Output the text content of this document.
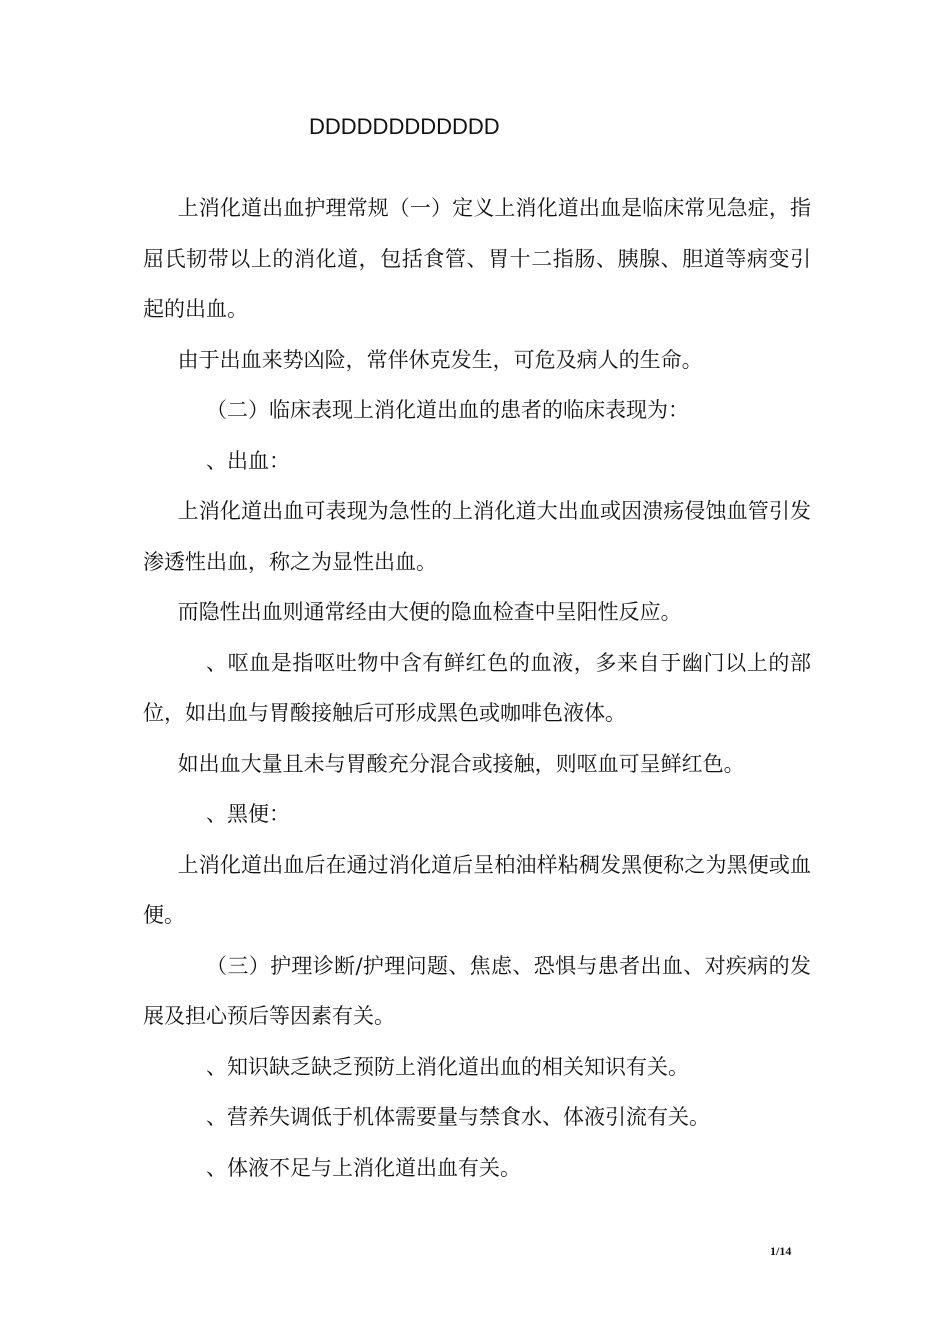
DDDDDDDDDDDD

上消化道出血护理常规（一）定义上消化道出血是临床常见急症，指屈氏韧带以上的消化道，包括食管、胃十二指肠、胰腺、胆道等病变引起的出血。

由于出血来势凶险，常伴休克发生，可危及病人的生命。

（二）临床表现上消化道出血的患者的临床表现为：

、出血：

上消化道出血可表现为急性的上消化道大出血或因溃疡侵蚀血管引发渗透性出血，称之为显性出血。

而隐性出血则通常经由大便的隐血检查中呈阳性反应。

、呕血是指呕吐物中含有鲜红色的血液，多来自于幽门以上的部位，如出血与胃酸接触后可形成黑色或咖啡色液体。

如出血大量且未与胃酸充分混合或接触，则呕血可呈鲜红色。

、黑便：

上消化道出血后在通过消化道后呈柏油样粘稠发黑便称之为黑便或血便。

（三）护理诊断/护理问题、焦虑、恐惧与患者出血、对疾病的发展及担心预后等因素有关。

、知识缺乏缺乏预防上消化道出血的相关知识有关。

、营养失调低于机体需要量与禁食水、体液引流有关。

、体液不足与上消化道出血有关。

1/14
